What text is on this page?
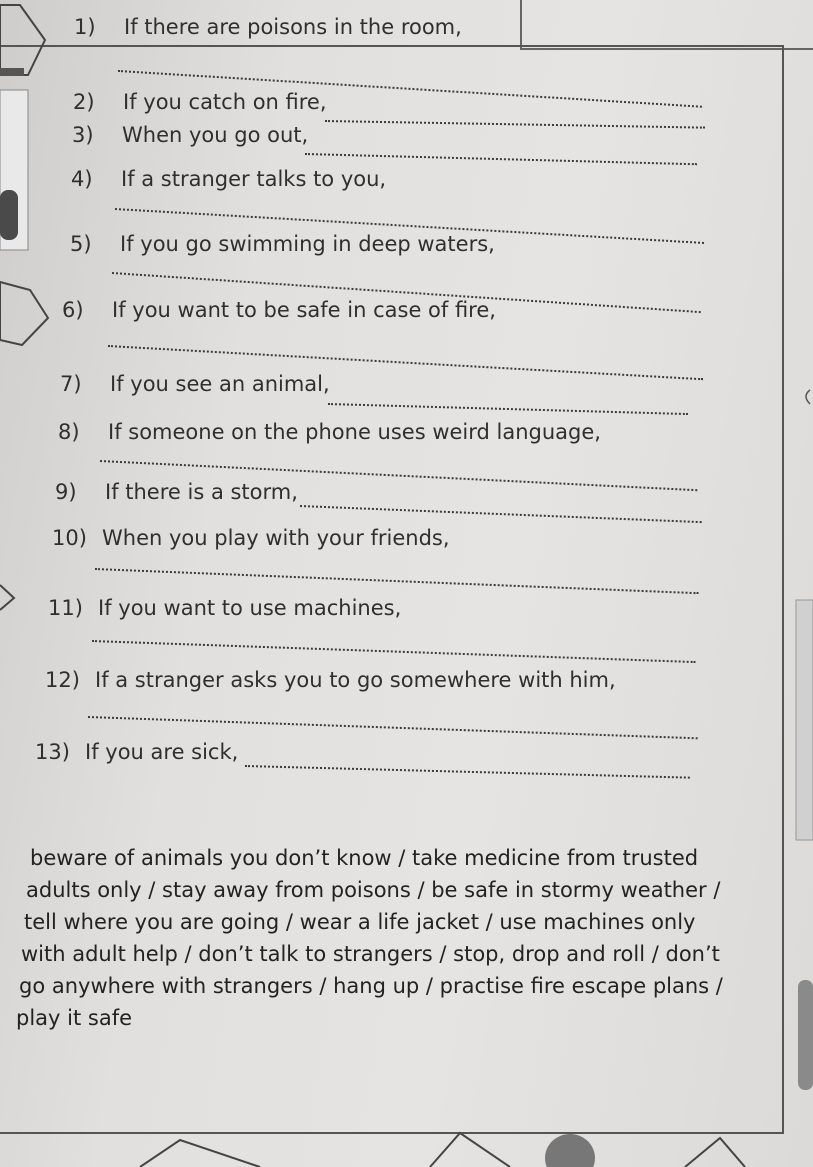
1) If there are poisons in the room,
2) If you catch on fire,
3) When you go out,
4) If a stranger talks to you,
5) If you go swimming in deep waters,
6) If you want to be safe in case of fire,
7) If you see an animal,
8) If someone on the phone uses weird language,
9) If there is a storm,
10) When you play with your friends,
11) If you want to use machines,
12) If a stranger asks you to go somewhere with him,
13) If you are sick,
beware of animals you don’t know / take medicine from trusted
adults only / stay away from poisons / be safe in stormy weather /
tell where you are going / wear a life jacket / use machines only
with adult help / don’t talk to strangers / stop, drop and roll / don’t
go anywhere with strangers / hang up / practise fire escape plans /
play it safe
